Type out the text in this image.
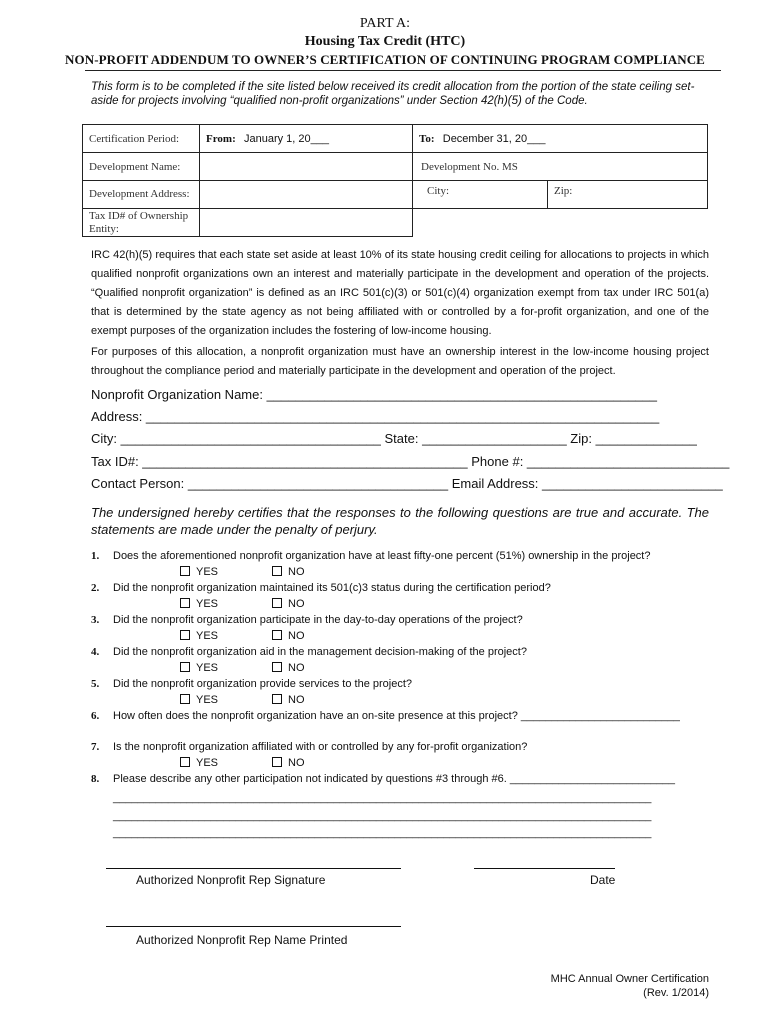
PART A:
Housing Tax Credit (HTC)
NON-PROFIT ADDENDUM TO OWNER’S CERTIFICATION OF CONTINUING PROGRAM COMPLIANCE
This form is to be completed if the site listed below received its credit allocation from the portion of the state ceiling set-aside for projects involving “qualified non-profit organizations” under Section 42(h)(5) of the Code.
Certification Period:	From: January 1, 20___	To: December 31, 20___	
Development Name:		Development No. MS	
Development Address:		City:	Zip:
Tax ID# of Ownership Entity:			
IRC 42(h)(5) requires that each state set aside at least 10% of its state housing credit ceiling for allocations to projects in which qualified nonprofit organizations own an interest and materially participate in the development and operation of the projects. “Qualified nonprofit organization” is defined as an IRC 501(c)(3) or 501(c)(4) organization exempt from tax under IRC 501(a) that is determined by the state agency as not being affiliated with or controlled by a for-profit organization, and one of the exempt purposes of the organization includes the fostering of low-income housing.
For purposes of this allocation, a nonprofit organization must have an ownership interest in the low-income housing project throughout the compliance period and materially participate in the development and operation of the project.
Nonprofit Organization Name: ______________________________________________________
Address: _______________________________________________________________________
City: ____________________________________ State: ____________________ Zip: ______________
Tax ID#: _____________________________________________ Phone #: ____________________________
Contact Person: ____________________________________ Email Address: _________________________
The undersigned hereby certifies that the responses to the following questions are true and accurate. The statements are made under the penalty of perjury.
1. Does the aforementioned nonprofit organization have at least fifty-one percent (51%) ownership in the project?
YES	NO
2. Did the nonprofit organization maintained its 501(c)3 status during the certification period?
YES	NO
3. Did the nonprofit organization participate in the day-to-day operations of the project?
YES	NO
4. Did the nonprofit organization aid in the management decision-making of the project?
YES	NO
5. Did the nonprofit organization provide services to the project?
YES	NO
6. How often does the nonprofit organization have an on-site presence at this project? __________________________
7. Is the nonprofit organization affiliated with or controlled by any for-profit organization?
YES	NO
8. Please describe any other participation not indicated by questions #3 through #6. ___________________________
________________________________________________________________________________________
________________________________________________________________________________________
________________________________________________________________________________________
Authorized Nonprofit Rep Signature	Date
Authorized Nonprofit Rep Name Printed
MHC Annual Owner Certification
(Rev. 1/2014)
